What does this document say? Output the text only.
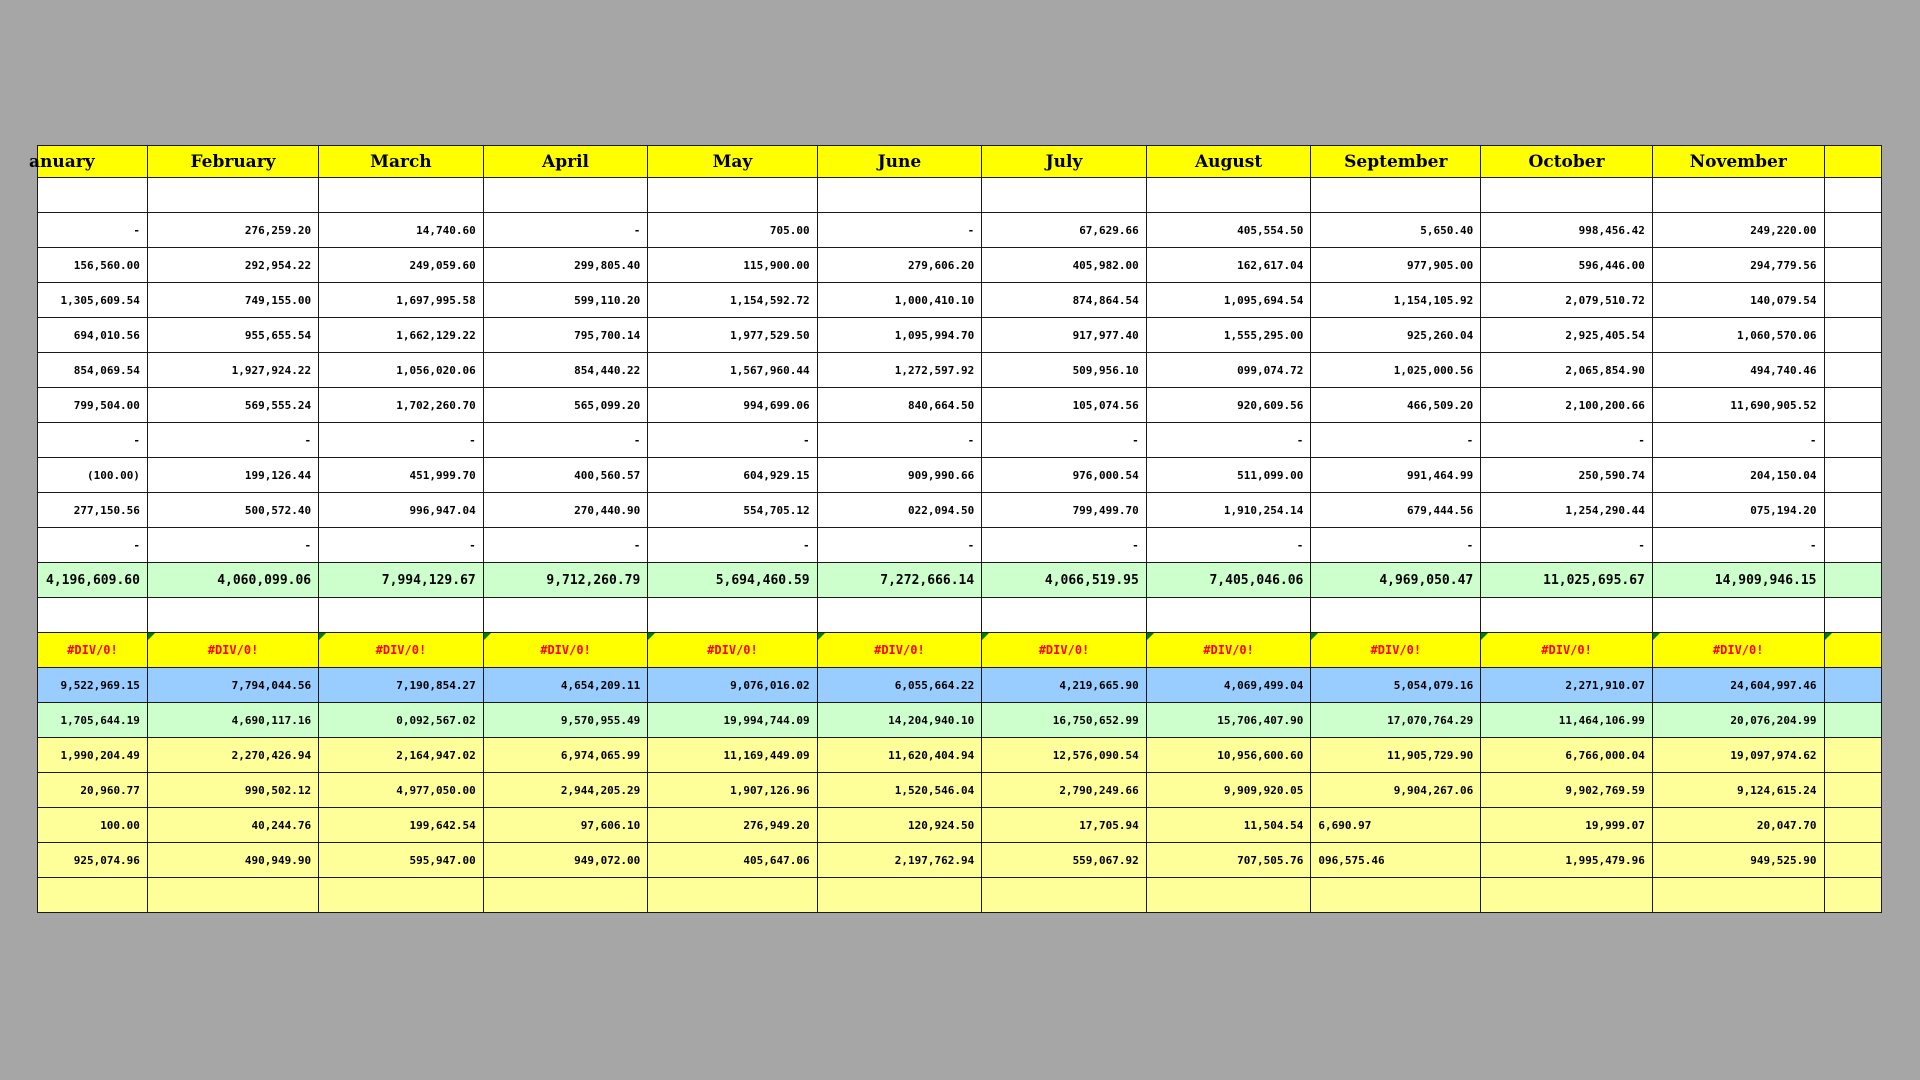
anuary	February	March	April	May	June	July	August	September	October	November	

-	276,259.20	14,740.60	-	705.00	-	67,629.66	405,554.50	5,650.40	998,456.42	249,220.00	
156,560.00	292,954.22	249,059.60	299,805.40	115,900.00	279,606.20	405,982.00	162,617.04	977,905.00	596,446.00	294,779.56	
1,305,609.54	749,155.00	1,697,995.58	599,110.20	1,154,592.72	1,000,410.10	874,864.54	1,095,694.54	1,154,105.92	2,079,510.72	140,079.54	
694,010.56	955,655.54	1,662,129.22	795,700.14	1,977,529.50	1,095,994.70	917,977.40	1,555,295.00	925,260.04	2,925,405.54	1,060,570.06	
854,069.54	1,927,924.22	1,056,020.06	854,440.22	1,567,960.44	1,272,597.92	509,956.10	099,074.72	1,025,000.56	2,065,854.90	494,740.46	
799,504.00	569,555.24	1,702,260.70	565,099.20	994,699.06	840,664.50	105,074.56	920,609.56	466,509.20	2,100,200.66	11,690,905.52	
-	-	-	-	-	-	-	-	-	-	-	
(100.00)	199,126.44	451,999.70	400,560.57	604,929.15	909,990.66	976,000.54	511,099.00	991,464.99	250,590.74	204,150.04	
277,150.56	500,572.40	996,947.04	270,440.90	554,705.12	022,094.50	799,499.70	1,910,254.14	679,444.56	1,254,290.44	075,194.20	
-	-	-	-	-	-	-	-	-	-	-	
4,196,609.60	4,060,099.06	7,994,129.67	9,712,260.79	5,694,460.59	7,272,666.14	4,066,519.95	7,405,046.06	4,969,050.47	11,025,695.67	14,909,946.15	

#DIV/0!	#DIV/0!	#DIV/0!	#DIV/0!	#DIV/0!	#DIV/0!	#DIV/0!	#DIV/0!	#DIV/0!	#DIV/0!	#DIV/0!	

9,522,969.15	7,794,044.56	7,190,854.27	4,654,209.11	9,076,016.02	6,055,664.22	4,219,665.90	4,069,499.04	5,054,079.16	2,271,910.07	24,604,997.46	
1,705,644.19	4,690,117.16	0,092,567.02	9,570,955.49	19,994,744.09	14,204,940.10	16,750,652.99	15,706,407.90	17,070,764.29	11,464,106.99	20,076,204.99	
1,990,204.49	2,270,426.94	2,164,947.02	6,974,065.99	11,169,449.09	11,620,404.94	12,576,090.54	10,956,600.60	11,905,729.90	6,766,000.04	19,097,974.62	
20,960.77	990,502.12	4,977,050.00	2,944,205.29	1,907,126.96	1,520,546.04	2,790,249.66	9,909,920.05	9,904,267.06	9,902,769.59	9,124,615.24	
100.00	40,244.76	199,642.54	97,606.10	276,949.20	120,924.50	17,705.94	11,504.54	6,690.97	19,999.07	20,047.70	
925,074.96	490,949.90	595,947.00	949,072.00	405,647.06	2,197,762.94	559,067.92	707,505.76	096,575.46	1,995,479.96	949,525.90	
